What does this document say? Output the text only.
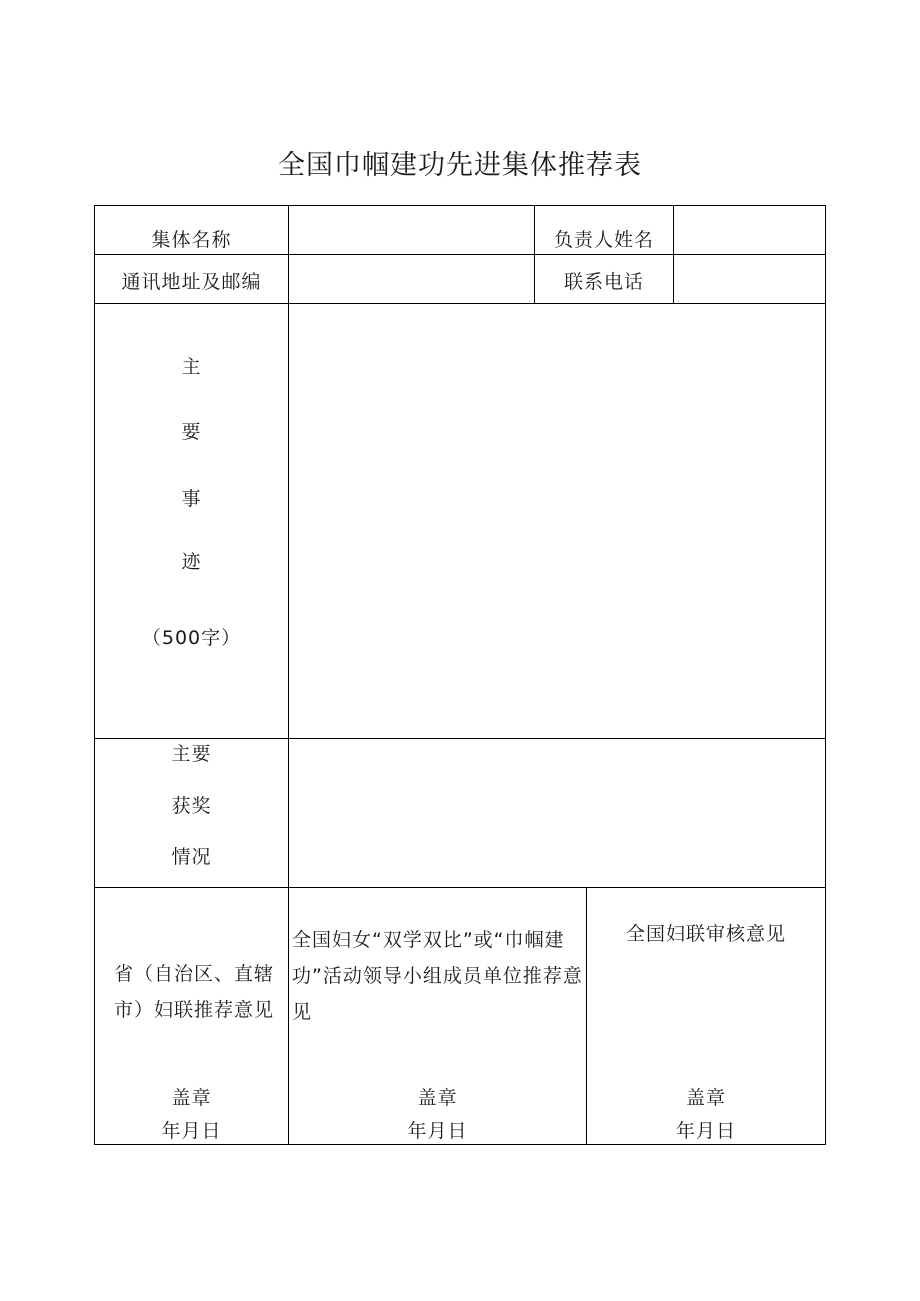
全国巾帼建功先进集体推荐表
集体名称	负责人姓名
通讯地址及邮编	联系电话
主
要
事
迹
（500字）
主要
获奖
情况
省（自治区、直辖市）妇联推荐意见
全国妇女“双学双比”或“巾帼建功”活动领导小组成员单位推荐意见
全国妇联审核意见
盖章
年月日
盖章
年月日
盖章
年月日
